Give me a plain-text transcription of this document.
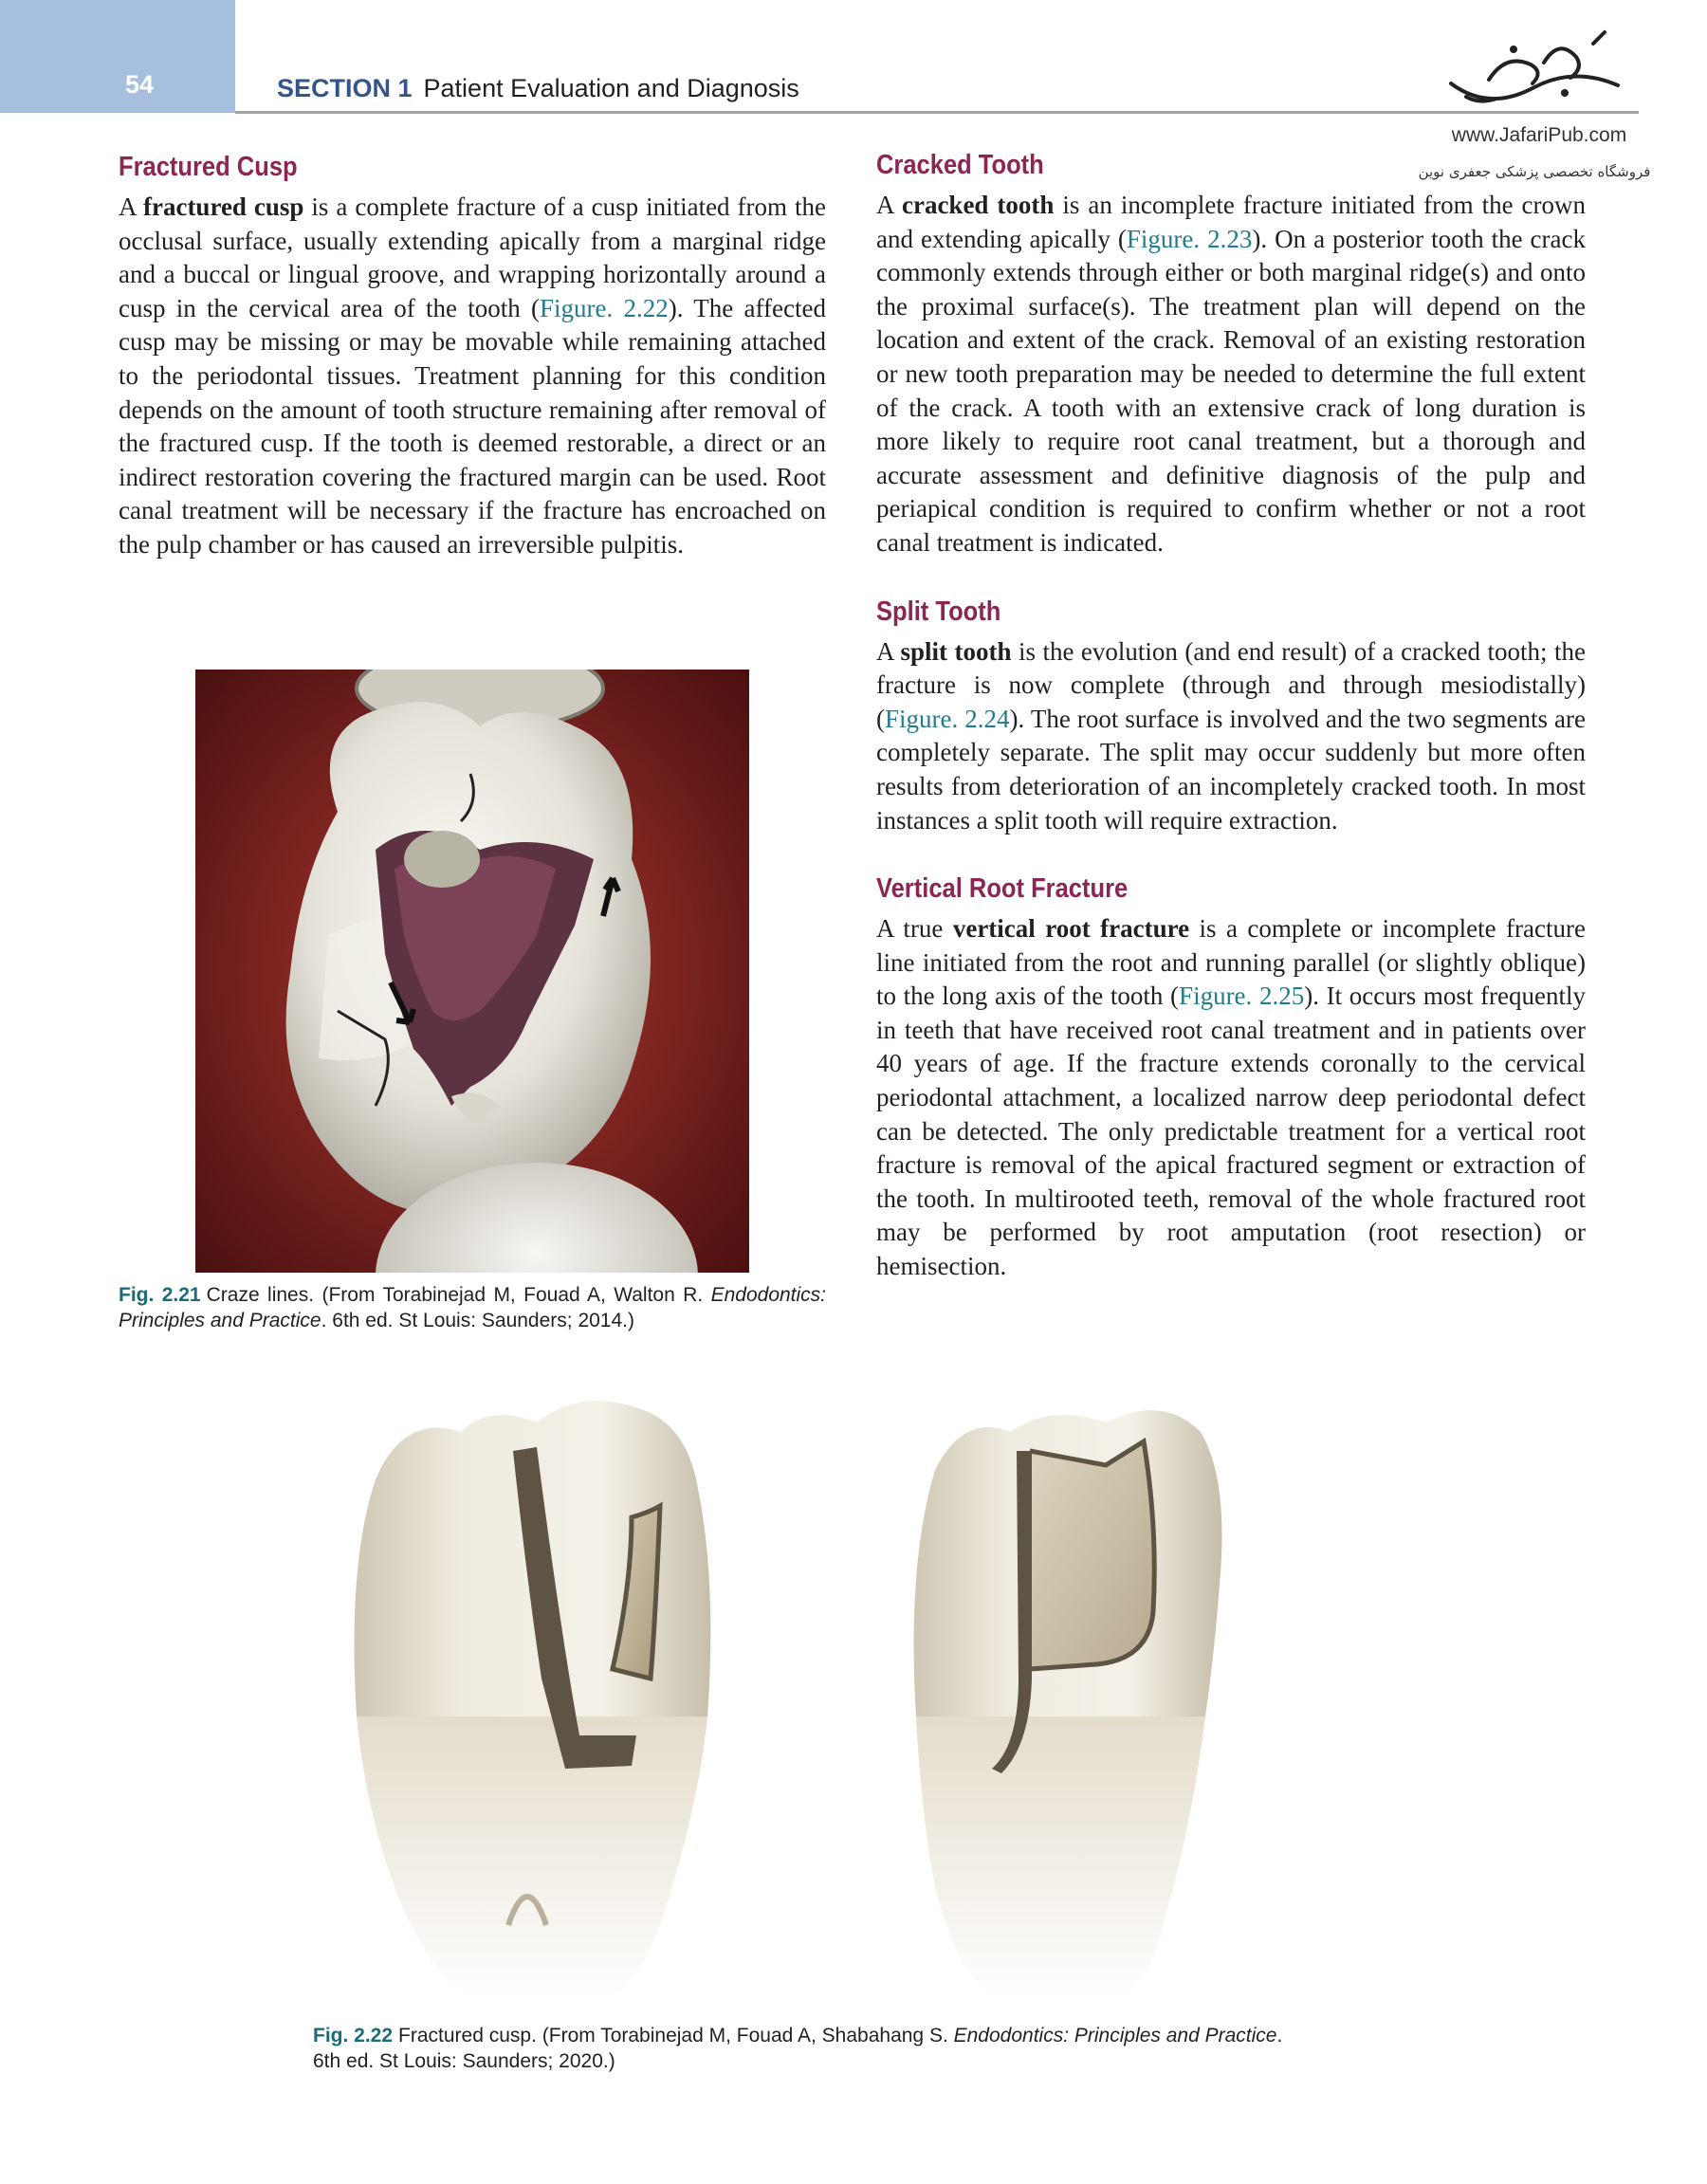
54	SECTION 1 Patient Evaluation and Diagnosis
www.JafariPub.com
فروشگاه تخصصی پزشکی جعفری نوین
Fractured Cusp

A fractured cusp is a complete fracture of a cusp initiated from the occlusal surface, usually extending apically from a marginal ridge and a buccal or lingual groove, and wrapping horizontally around a cusp in the cervical area of the tooth (Figure. 2.22). The affected cusp may be missing or may be movable while remaining attached to the periodontal tissues. Treatment planning for this condition depends on the amount of tooth structure remaining after removal of the fractured cusp. If the tooth is deemed restorable, a direct or an indirect restoration covering the fractured margin can be used. Root canal treatment will be necessary if the fracture has encroached on the pulp chamber or has caused an irreversible pulpitis.

Fig. 2.21 Craze lines. (From Torabinejad M, Fouad A, Walton R. Endodontics: Principles and Practice. 6th ed. St Louis: Saunders; 2014.)
Cracked Tooth

A cracked tooth is an incomplete fracture initiated from the crown and extending apically (Figure. 2.23). On a posterior tooth the crack commonly extends through either or both marginal ridge(s) and onto the proximal surface(s). The treatment plan will depend on the location and extent of the crack. Removal of an existing restoration or new tooth preparation may be needed to determine the full extent of the crack. A tooth with an extensive crack of long duration is more likely to require root canal treatment, but a thorough and accurate assessment and definitive diagnosis of the pulp and periapical condition is required to confirm whether or not a root canal treatment is indicated.

Split Tooth

A split tooth is the evolution (and end result) of a cracked tooth; the fracture is now complete (through and through mesiodistally) (Figure. 2.24). The root surface is involved and the two segments are completely separate. The split may occur suddenly but more often results from deterioration of an incompletely cracked tooth. In most instances a split tooth will require extraction.

Vertical Root Fracture

A true vertical root fracture is a complete or incomplete fracture line initiated from the root and running parallel (or slightly oblique) to the long axis of the tooth (Figure. 2.25). It occurs most frequently in teeth that have received root canal treatment and in patients over 40 years of age. If the fracture extends coronally to the cervical periodontal attachment, a localized narrow deep periodontal defect can be detected. The only predictable treatment for a vertical root fracture is removal of the apical fractured segment or extraction of the tooth. In multirooted teeth, removal of the whole fractured root may be performed by root amputation (root resection) or hemisection.

Fig. 2.22 Fractured cusp. (From Torabinejad M, Fouad A, Shabahang S. Endodontics: Principles and Practice.
6th ed. St Louis: Saunders; 2020.)
